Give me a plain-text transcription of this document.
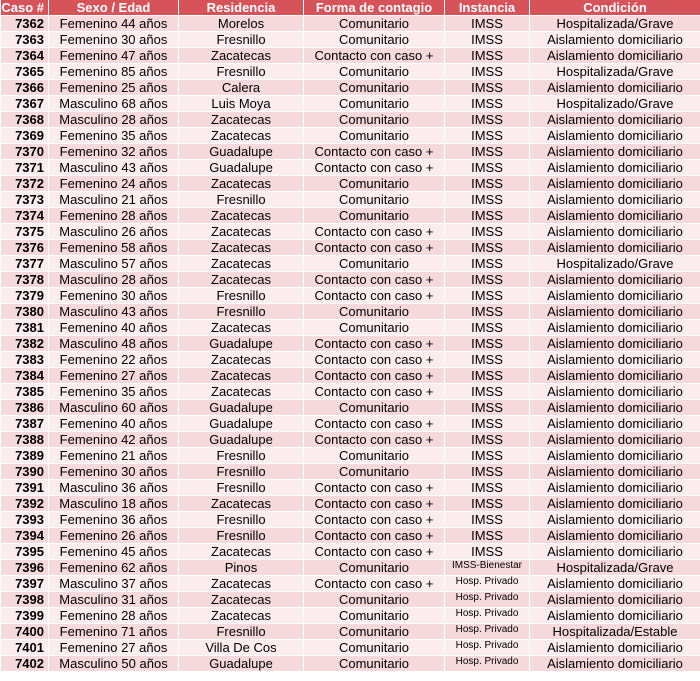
Caso #	Sexo / Edad	Residencia	Forma de contagio	Instancia	Condición
7362	Femenino 44 años	Morelos	Comunitario	IMSS	Hospitalizada/Grave
7363	Femenino 30 años	Fresnillo	Comunitario	IMSS	Aislamiento domiciliario
7364	Femenino 47 años	Zacatecas	Contacto con caso +	IMSS	Aislamiento domiciliario
7365	Femenino 85 años	Fresnillo	Comunitario	IMSS	Hospitalizada/Grave
7366	Femenino 25 años	Calera	Comunitario	IMSS	Aislamiento domiciliario
7367	Masculino 68 años	Luis Moya	Comunitario	IMSS	Hospitalizado/Grave
7368	Masculino 28 años	Zacatecas	Comunitario	IMSS	Aislamiento domiciliario
7369	Femenino 35 años	Zacatecas	Comunitario	IMSS	Aislamiento domiciliario
7370	Femenino 32 años	Guadalupe	Contacto con caso +	IMSS	Aislamiento domiciliario
7371	Masculino 43 años	Guadalupe	Contacto con caso +	IMSS	Aislamiento domiciliario
7372	Femenino 24 años	Zacatecas	Comunitario	IMSS	Aislamiento domiciliario
7373	Masculino 21 años	Fresnillo	Comunitario	IMSS	Aislamiento domiciliario
7374	Femenino 28 años	Zacatecas	Comunitario	IMSS	Aislamiento domiciliario
7375	Masculino 26 años	Zacatecas	Contacto con caso +	IMSS	Aislamiento domiciliario
7376	Femenino 58 años	Zacatecas	Contacto con caso +	IMSS	Aislamiento domiciliario
7377	Masculino 57 años	Zacatecas	Comunitario	IMSS	Hospitalizado/Grave
7378	Masculino 28 años	Zacatecas	Contacto con caso +	IMSS	Aislamiento domiciliario
7379	Femenino 30 años	Fresnillo	Contacto con caso +	IMSS	Aislamiento domiciliario
7380	Masculino 43 años	Fresnillo	Comunitario	IMSS	Aislamiento domiciliario
7381	Femenino 40 años	Zacatecas	Comunitario	IMSS	Aislamiento domiciliario
7382	Masculino 48 años	Guadalupe	Contacto con caso +	IMSS	Aislamiento domiciliario
7383	Femenino 22 años	Zacatecas	Contacto con caso +	IMSS	Aislamiento domiciliario
7384	Femenino 27 años	Zacatecas	Contacto con caso +	IMSS	Aislamiento domiciliario
7385	Femenino 35 años	Zacatecas	Contacto con caso +	IMSS	Aislamiento domiciliario
7386	Masculino 60 años	Guadalupe	Comunitario	IMSS	Aislamiento domiciliario
7387	Femenino 40 años	Guadalupe	Contacto con caso +	IMSS	Aislamiento domiciliario
7388	Femenino 42 años	Guadalupe	Contacto con caso +	IMSS	Aislamiento domiciliario
7389	Femenino 21 años	Fresnillo	Comunitario	IMSS	Aislamiento domiciliario
7390	Femenino 30 años	Fresnillo	Comunitario	IMSS	Aislamiento domiciliario
7391	Masculino 36 años	Fresnillo	Contacto con caso +	IMSS	Aislamiento domiciliario
7392	Masculino 18 años	Zacatecas	Contacto con caso +	IMSS	Aislamiento domiciliario
7393	Femenino 36 años	Fresnillo	Contacto con caso +	IMSS	Aislamiento domiciliario
7394	Femenino 26 años	Fresnillo	Contacto con caso +	IMSS	Aislamiento domiciliario
7395	Femenino 45 años	Zacatecas	Contacto con caso +	IMSS	Aislamiento domiciliario
7396	Femenino 62 años	Pinos	Comunitario	IMSS-Bienestar	Hospitalizada/Grave
7397	Masculino 37 años	Zacatecas	Contacto con caso +	Hosp. Privado	Aislamiento domiciliario
7398	Masculino 31 años	Zacatecas	Comunitario	Hosp. Privado	Aislamiento domiciliario
7399	Femenino 28 años	Zacatecas	Comunitario	Hosp. Privado	Aislamiento domiciliario
7400	Femenino 71 años	Fresnillo	Comunitario	Hosp. Privado	Hospitalizada/Estable
7401	Femenino 27 años	Villa De Cos	Comunitario	Hosp. Privado	Aislamiento domiciliario
7402	Masculino 50 años	Guadalupe	Comunitario	Hosp. Privado	Aislamiento domiciliario
